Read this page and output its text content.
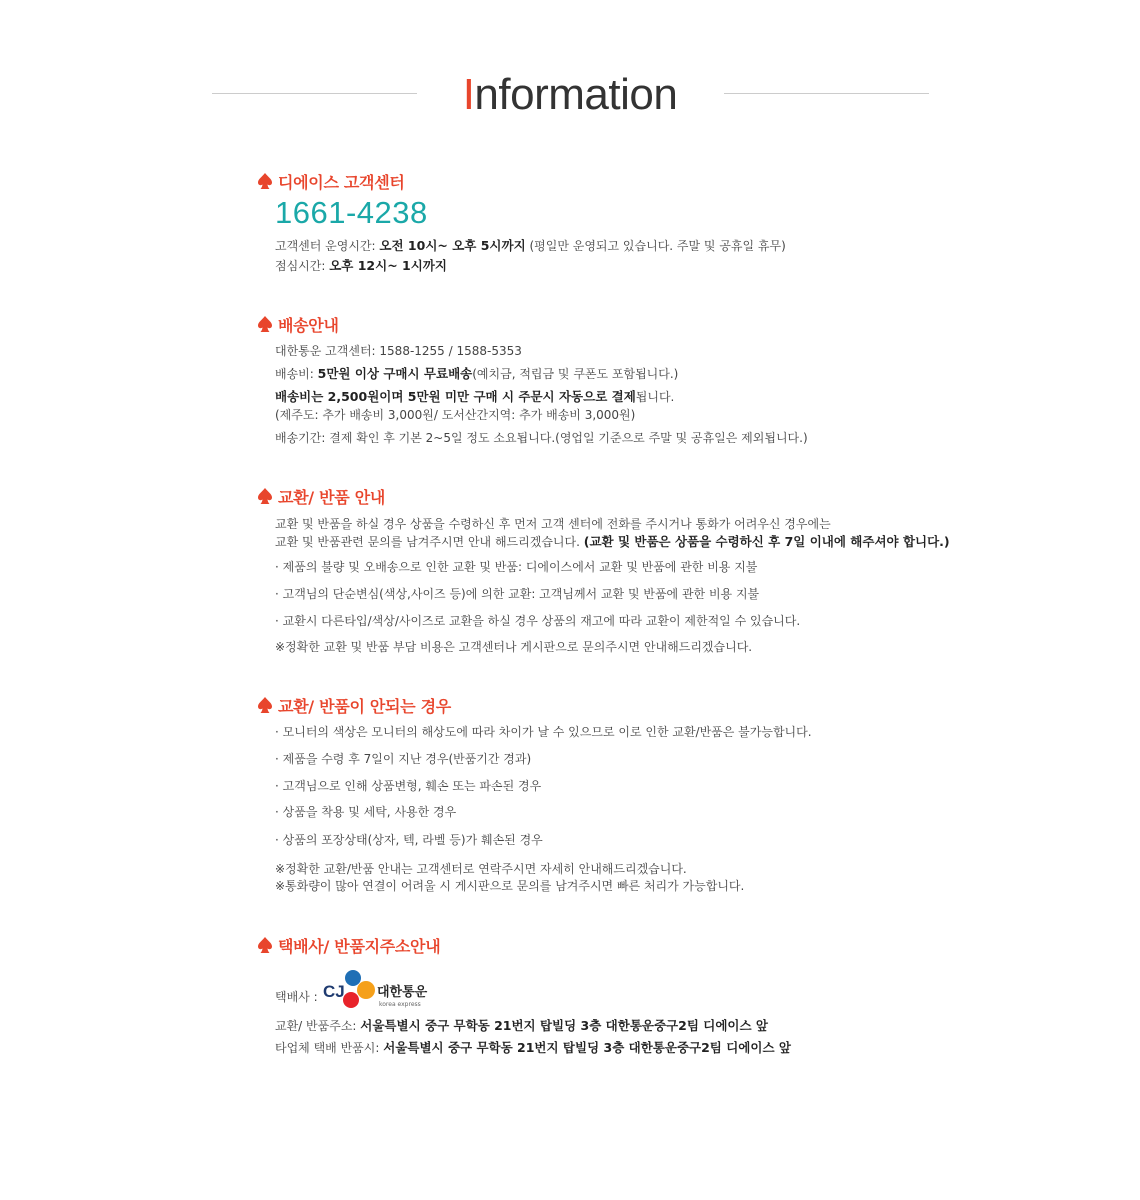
Information
디에이스 고객센터
1661-4238
고객센터 운영시간: 오전 10시~ 오후 5시까지 (평일만 운영되고 있습니다. 주말 및 공휴일 휴무)
점심시간: 오후 12시~ 1시까지
배송안내
대한통운 고객센터: 1588-1255 / 1588-5353
배송비: 5만원 이상 구매시 무료배송(예치금, 적립금 및 쿠폰도 포함됩니다.)
배송비는 2,500원이며 5만원 미만 구매 시 주문시 자동으로 결제됩니다.
(제주도: 추가 배송비 3,000원/ 도서산간지역: 추가 배송비 3,000원)
배송기간: 결제 확인 후 기본 2~5일 정도 소요됩니다.(영업일 기준으로 주말 및 공휴일은 제외됩니다.)
교환/ 반품 안내
교환 및 반품을 하실 경우 상품을 수령하신 후 먼저 고객 센터에 전화를 주시거나 통화가 어려우신 경우에는
교환 및 반품관련 문의를 남겨주시면 안내 해드리겠습니다. (교환 및 반품은 상품을 수령하신 후 7일 이내에 해주셔야 합니다.)
· 제품의 불량 및 오배송으로 인한 교환 및 반품: 디에이스에서 교환 및 반품에 관한 비용 지불
· 고객님의 단순변심(색상,사이즈 등)에 의한 교환: 고객님께서 교환 및 반품에 관한 비용 지불
· 교환시 다른타입/색상/사이즈로 교환을 하실 경우 상품의 재고에 따라 교환이 제한적일 수 있습니다.
※정확한 교환 및 반품 부담 비용은 고객센터나 게시판으로 문의주시면 안내해드리겠습니다.
교환/ 반품이 안되는 경우
· 모니터의 색상은 모니터의 해상도에 따라 차이가 날 수 있으므로 이로 인한 교환/반품은 불가능합니다.
· 제품을 수령 후 7일이 지난 경우(반품기간 경과)
· 고객님으로 인해 상품변형, 훼손 또는 파손된 경우
· 상품을 착용 및 세탁, 사용한 경우
· 상품의 포장상태(상자, 텍, 라벨 등)가 훼손된 경우
※정확한 교환/반품 안내는 고객센터로 연락주시면 자세히 안내해드리겠습니다.
※통화량이 많아 연결이 어려울 시 게시판으로 문의를 남겨주시면 빠른 처리가 가능합니다.
택배사/ 반품지주소안내
택배사 : CJ 대한통운
korea express
교환/ 반품주소: 서울특별시 중구 무학동 21번지 탑빌딩 3층 대한통운중구2팀 디에이스 앞
타업체 택배 반품시: 서울특별시 중구 무학동 21번지 탑빌딩 3층 대한통운중구2팀 디에이스 앞
